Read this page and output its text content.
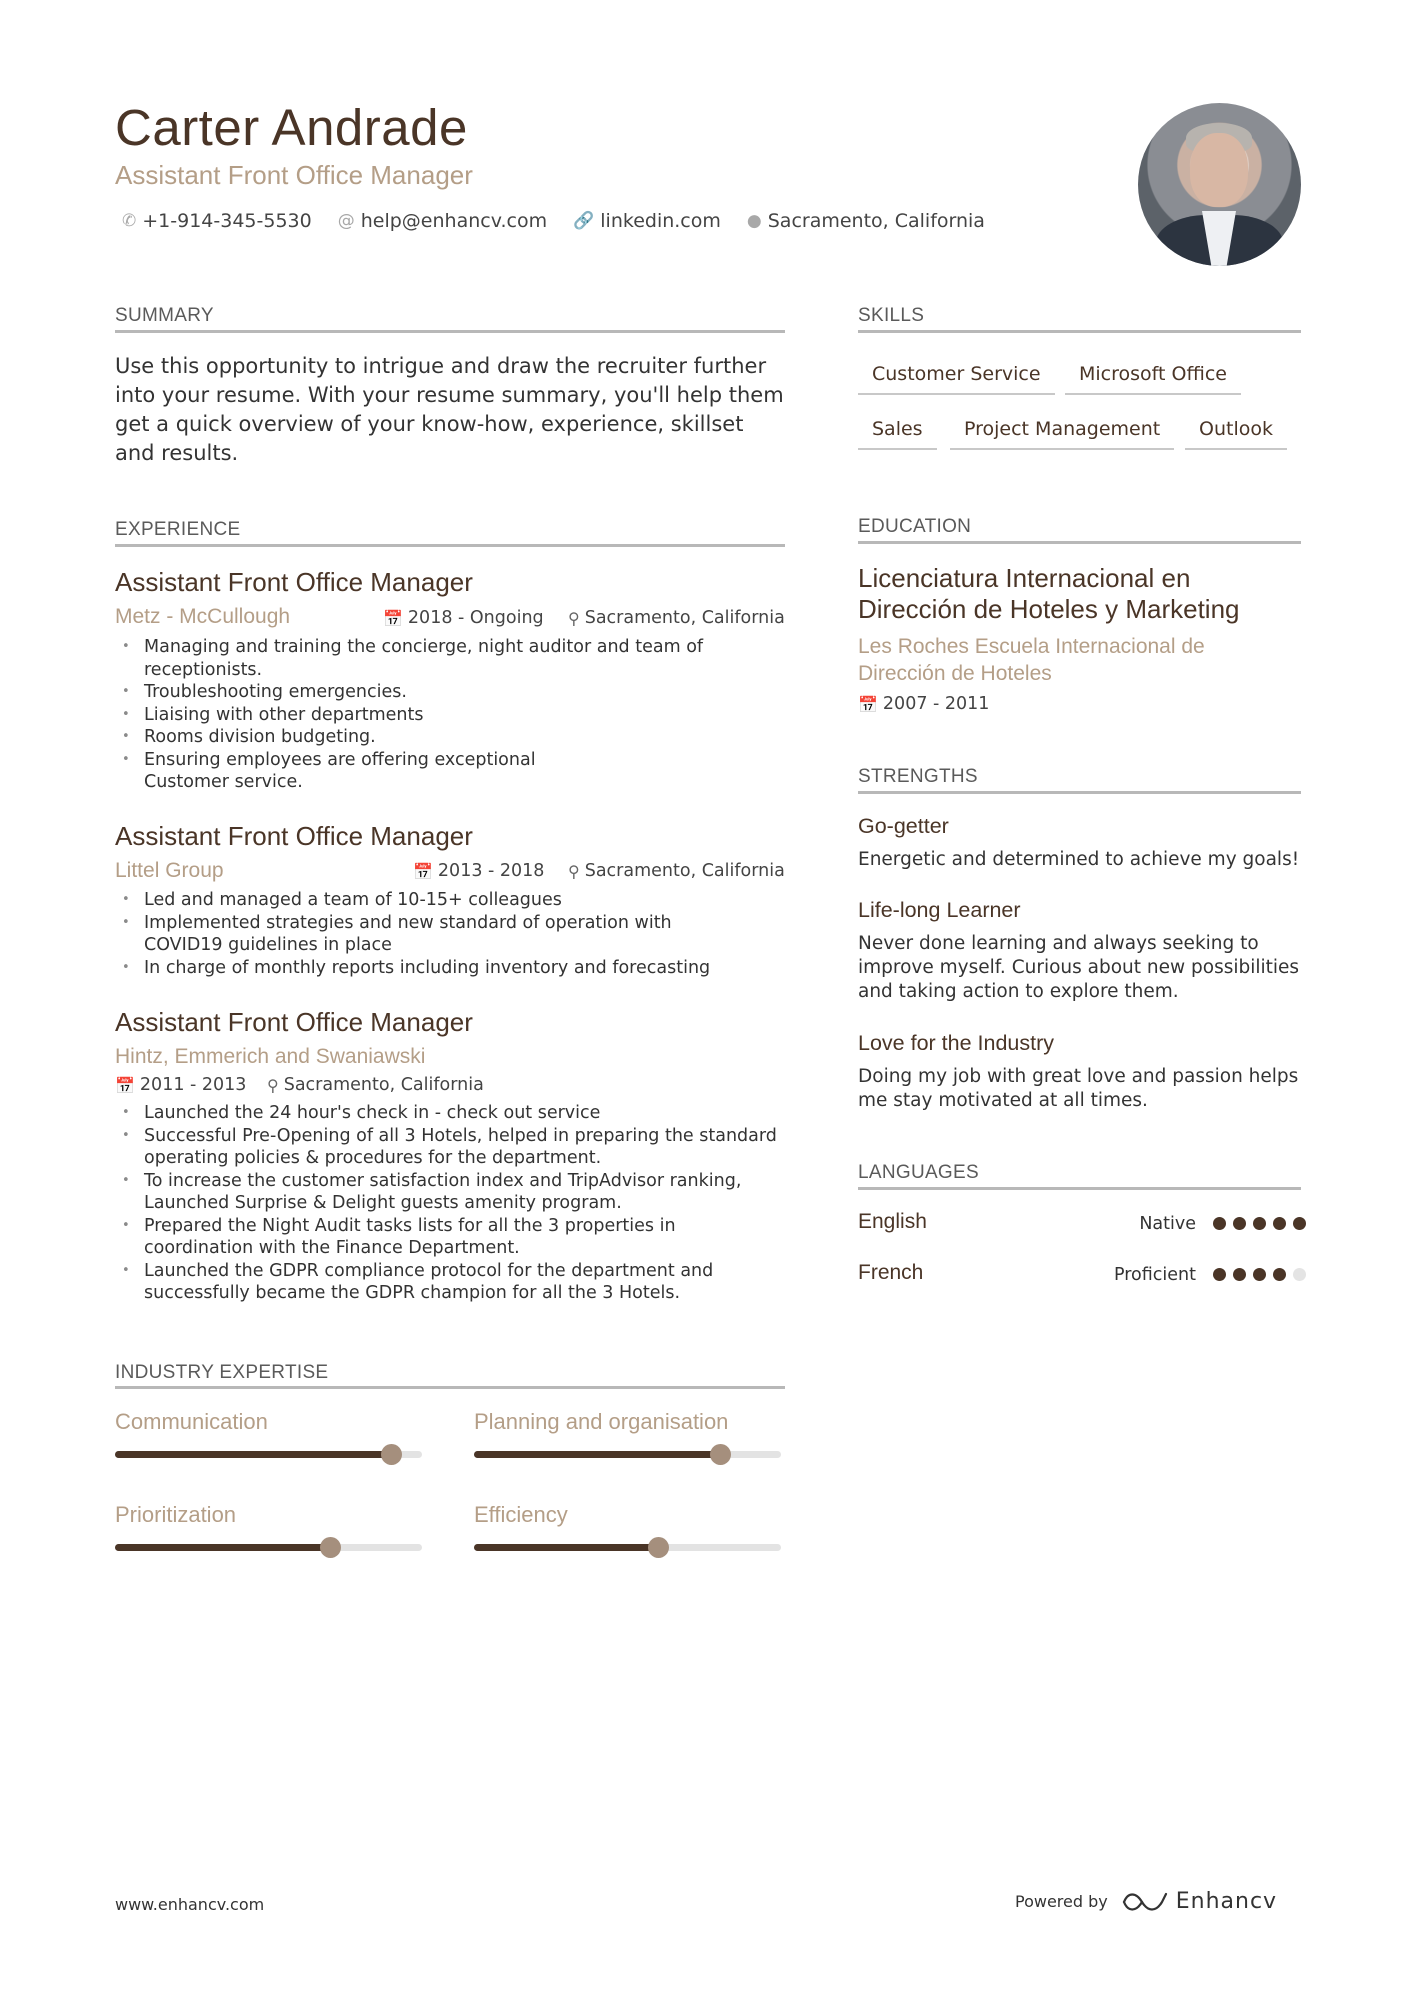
Carter Andrade
Assistant Front Office Manager
✆ +1-914-345-5530 @ help@enhancv.com 🔗 linkedin.com ● Sacramento, California
SUMMARY
Use this opportunity to intrigue and draw the recruiter further into your resume. With your resume summary, you'll help them get a quick overview of your know-how, experience, skillset and results.
EXPERIENCE
Assistant Front Office Manager
Metz - McCullough	📅 2018 - Ongoing ⚲ Sacramento, California
• Managing and training the concierge, night auditor and team of receptionists.
• Troubleshooting emergencies.
• Liaising with other departments
• Rooms division budgeting.
• Ensuring employees are offering exceptional Customer service.
Assistant Front Office Manager
Littel Group	📅 2013 - 2018 ⚲ Sacramento, California
• Led and managed a team of 10-15+ colleagues
• Implemented strategies and new standard of operation with COVID19 guidelines in place
• In charge of monthly reports including inventory and forecasting
Assistant Front Office Manager
Hintz, Emmerich and Swaniawski
📅 2011 - 2013 ⚲ Sacramento, California
• Launched the 24 hour's check in - check out service
• Successful Pre-Opening of all 3 Hotels, helped in preparing the standard operating policies & procedures for the department.
• To increase the customer satisfaction index and TripAdvisor ranking, Launched Surprise & Delight guests amenity program.
• Prepared the Night Audit tasks lists for all the 3 properties in coordination with the Finance Department.
• Launched the GDPR compliance protocol for the department and successfully became the GDPR champion for all the 3 Hotels.
INDUSTRY EXPERTISE
Communication	Planning and organisation
Prioritization	Efficiency
SKILLS
Customer Service	Microsoft Office
Sales	Project Management	Outlook
EDUCATION
Licenciatura Internacional en Dirección de Hoteles y Marketing
Les Roches Escuela Internacional de Dirección de Hoteles
📅 2007 - 2011
STRENGTHS
Go-getter
Energetic and determined to achieve my goals!
Life-long Learner
Never done learning and always seeking to improve myself. Curious about new possibilities and taking action to explore them.
Love for the Industry
Doing my job with great love and passion helps me stay motivated at all times.
LANGUAGES
English	Native
French	Proficient
www.enhancv.com	Powered by	Enhancv
